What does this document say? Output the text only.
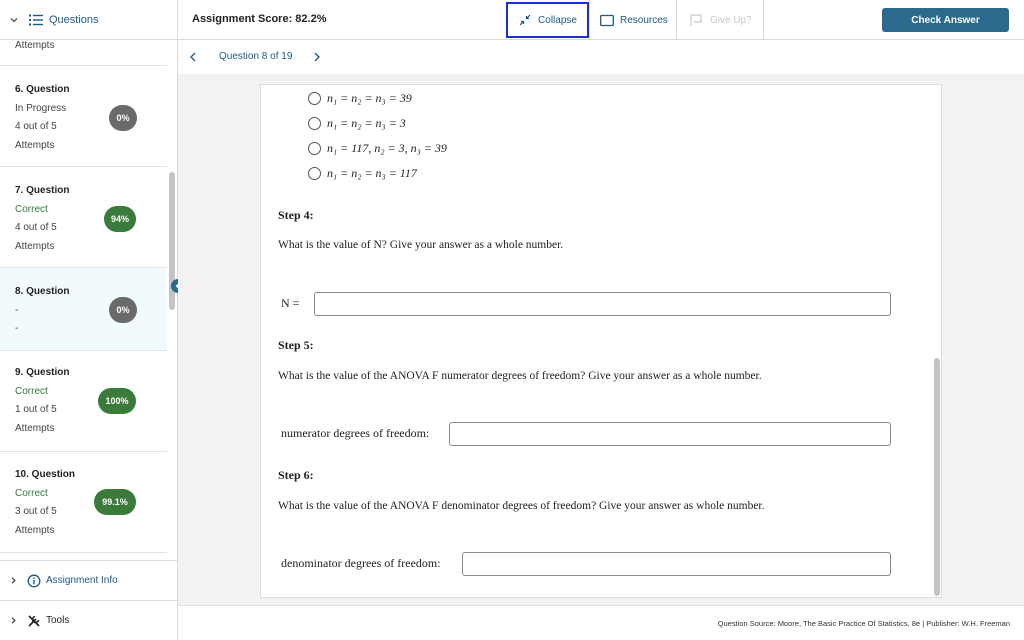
Questions	Assignment Score: 82.2%	Collapse	Resources	Give Up?	Check Answer
Attempts
6. Question
In Progress
4 out of 5
Attempts
0%
7. Question
Correct
4 out of 5
Attempts
94%
8. Question
-
-
0%
9. Question
Correct
1 out of 5
Attempts
100%
10. Question
Correct
3 out of 5
Attempts
99.1%
Assignment Info
Tools
Question 8 of 19
n₁ = n₂ = n₃ = 39
n₁ = n₂ = n₃ = 3
n₁ = 117, n₂ = 3, n₃ = 39
n₁ = n₂ = n₃ = 117
Step 4:
What is the value of N? Give your answer as a whole number.
N =
Step 5:
What is the value of the ANOVA F numerator degrees of freedom? Give your answer as a whole number.
numerator degrees of freedom:
Step 6:
What is the value of the ANOVA F denominator degrees of freedom? Give your answer as whole number.
denominator degrees of freedom:
Question Source: Moore, The Basic Practice Of Statistics, 8e | Publisher: W.H. Freeman
